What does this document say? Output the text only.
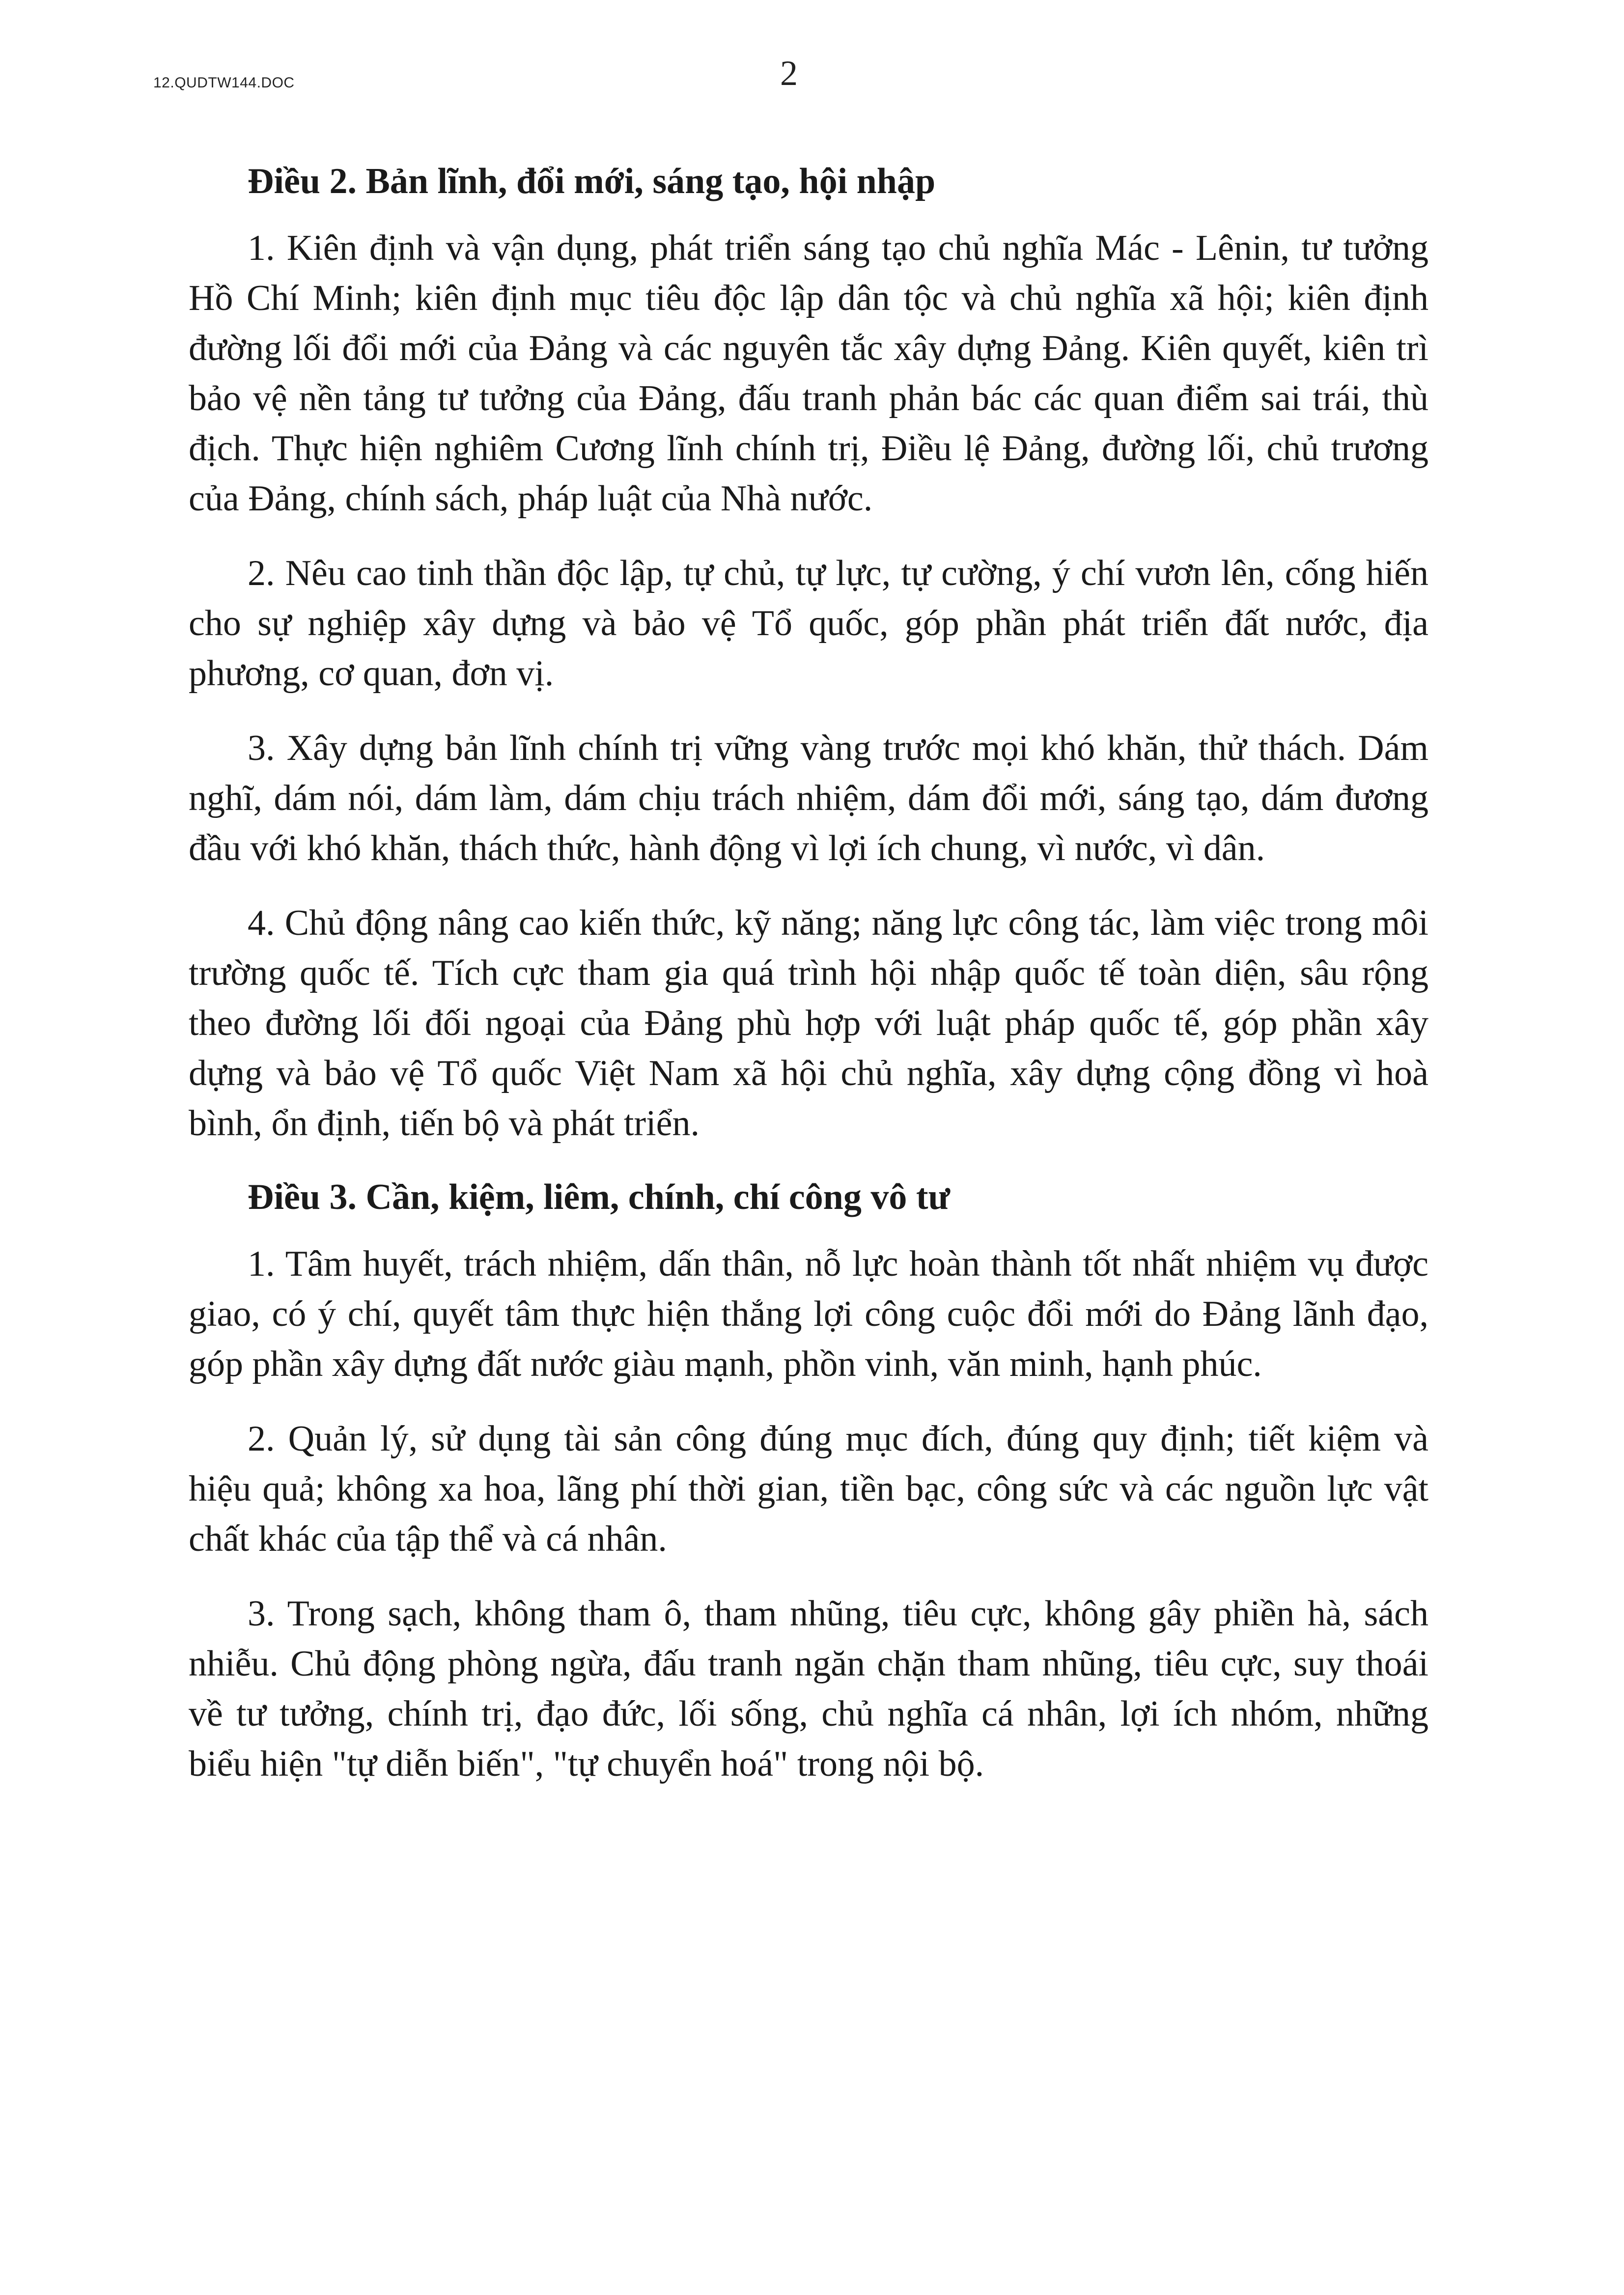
12.QUDTW144.DOC	2
Điều 2. Bản lĩnh, đổi mới, sáng tạo, hội nhập

1. Kiên định và vận dụng, phát triển sáng tạo chủ nghĩa Mác - Lênin, tư tưởng Hồ Chí Minh; kiên định mục tiêu độc lập dân tộc và chủ nghĩa xã hội; kiên định đường lối đổi mới của Đảng và các nguyên tắc xây dựng Đảng. Kiên quyết, kiên trì bảo vệ nền tảng tư tưởng của Đảng, đấu tranh phản bác các quan điểm sai trái, thù địch. Thực hiện nghiêm Cương lĩnh chính trị, Điều lệ Đảng, đường lối, chủ trương của Đảng, chính sách, pháp luật của Nhà nước.

2. Nêu cao tinh thần độc lập, tự chủ, tự lực, tự cường, ý chí vươn lên, cống hiến cho sự nghiệp xây dựng và bảo vệ Tổ quốc, góp phần phát triển đất nước, địa phương, cơ quan, đơn vị.

3. Xây dựng bản lĩnh chính trị vững vàng trước mọi khó khăn, thử thách. Dám nghĩ, dám nói, dám làm, dám chịu trách nhiệm, dám đổi mới, sáng tạo, dám đương đầu với khó khăn, thách thức, hành động vì lợi ích chung, vì nước, vì dân.

4. Chủ động nâng cao kiến thức, kỹ năng; năng lực công tác, làm việc trong môi trường quốc tế. Tích cực tham gia quá trình hội nhập quốc tế toàn diện, sâu rộng theo đường lối đối ngoại của Đảng phù hợp với luật pháp quốc tế, góp phần xây dựng và bảo vệ Tổ quốc Việt Nam xã hội chủ nghĩa, xây dựng cộng đồng vì hoà bình, ổn định, tiến bộ và phát triển.

Điều 3. Cần, kiệm, liêm, chính, chí công vô tư

1. Tâm huyết, trách nhiệm, dấn thân, nỗ lực hoàn thành tốt nhất nhiệm vụ được giao, có ý chí, quyết tâm thực hiện thắng lợi công cuộc đổi mới do Đảng lãnh đạo, góp phần xây dựng đất nước giàu mạnh, phồn vinh, văn minh, hạnh phúc.

2. Quản lý, sử dụng tài sản công đúng mục đích, đúng quy định; tiết kiệm và hiệu quả; không xa hoa, lãng phí thời gian, tiền bạc, công sức và các nguồn lực vật chất khác của tập thể và cá nhân.

3. Trong sạch, không tham ô, tham nhũng, tiêu cực, không gây phiền hà, sách nhiễu. Chủ động phòng ngừa, đấu tranh ngăn chặn tham nhũng, tiêu cực, suy thoái về tư tưởng, chính trị, đạo đức, lối sống, chủ nghĩa cá nhân, lợi ích nhóm, những biểu hiện "tự diễn biến", "tự chuyển hoá" trong nội bộ.
